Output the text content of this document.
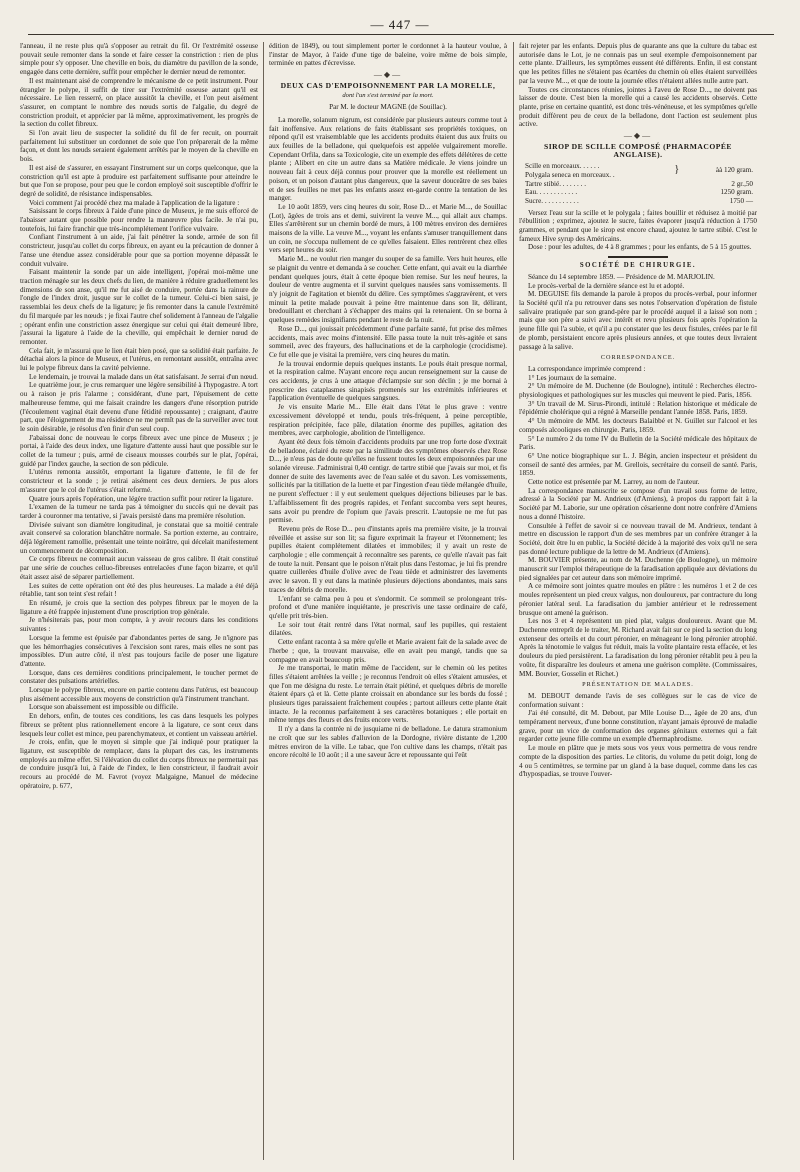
— 447 —

l'anneau, il ne reste plus qu'à s'opposer au retrait du fil. Or l'extrémité osseuse pouvait seule remonter dans la sonde et faire cesser la constriction : rien de plus simple pour s'y opposer. Une cheville en bois, du diamètre du pavillon de la sonde, engagée dans cette dernière, suffit pour empêcher le dernier nœud de remonter.

Il est maintenant aisé de comprendre le mécanisme de ce petit instrument. Pour étrangler le polype, il suffit de tirer sur l'extrémité osseuse autant qu'il est nécessaire. Le lien resserré, on place aussitôt la cheville, et l'on peut aisément s'assurer, en comptant le nombre des nœuds sortis de l'algalie, du degré de constriction produit, et apprécier par là même, approximativement, les progrès de la section du collet fibreux.

Si l'on avait lieu de suspecter la solidité du fil de fer recuit, on pourrait parfaitement lui substituer un cordonnet de soie que l'on préparerait de la même façon, et dont les nœuds seraient également arrêtés par le moyen de la cheville en bois.

Il est aisé de s'assurer, en essayant l'instrument sur un corps quelconque, que la constriction qu'il est apte à produire est parfaitement suffisante pour atteindre le but que l'on se propose, pour peu que le cordon employé soit susceptible d'offrir le degré de solidité, de résistance indispensables.

Voici comment j'ai procédé chez ma malade à l'application de la ligature :

Saisissant le corps fibreux à l'aide d'une pince de Museux, je me suis efforcé de l'abaisser autant que possible pour rendre la manœuvre plus facile. Je n'ai pu, toutefois, lui faire franchir que très-incomplétement l'orifice vulvaire.

Confiant l'instrument à un aide, j'ai fait pénétrer la sonde, armée de son fil constricteur, jusqu'au collet du corps fibreux, en ayant eu la précaution de donner à l'anse une étendue assez considérable pour que sa portion moyenne dépassât le conduit vulvaire.

Faisant maintenir la sonde par un aide intelligent, j'opérai moi-même une traction ménagée sur les deux chefs du lien, de manière à réduire graduellement les dimensions de son anse, qu'il me fut aisé de conduire, portée dans la rainure de l'ongle de l'index droit, jusque sur le collet de la tumeur. Celui-ci bien saisi, je rassemblai les deux chefs de la ligature; je fis remonter dans la canule l'extrémité du fil marquée par les nœuds ; je fixai l'autre chef solidement à l'anneau de l'algalie ; opérant enfin une constriction assez énergique sur celui qui était demeuré libre, j'assurai la ligature à l'aide de la cheville, qui empêchait le dernier nœud de remonter.

Cela fait, je m'assurai que le lien était bien posé, que sa solidité était parfaite. Je détachai alors la pince de Museux, et l'utérus, en remontant aussitôt, entraîna avec lui le polype fibreux dans la cavité pelvienne.

Le lendemain, je trouvai la malade dans un état satisfaisant. Je serrai d'un nœud.

Le quatrième jour, je crus remarquer une légère sensibilité à l'hypogastre. A tort ou à raison je pris l'alarme ; considérant, d'une part, l'épuisement de cette malheureuse femme, qui me faisait craindre les dangers d'une résorption putride (l'écoulement vaginal était devenu d'une fétidité repoussante) ; craignant, d'autre part, que l'éloignement de ma résidence ne me permît pas de la surveiller avec tout le soin désirable, je résolus d'en finir d'un seul coup.

J'abaissai donc de nouveau le corps fibreux avec une pince de Museux ; je portai, à l'aide des deux index, une ligature d'attente aussi haut que possible sur le collet de la tumeur ; puis, armé de ciseaux mousses courbés sur le plat, j'opérai, guidé par l'index gauche, la section de son pédicule.

L'utérus remonta aussitôt, emportant la ligature d'attente, le fil de fer constricteur et la sonde ; je retirai aisément ces deux derniers. Je pus alors m'assurer que le col de l'utérus s'était reformé.

Quatre jours après l'opération, une légère traction suffit pour retirer la ligature.

L'examen de la tumeur ne tarda pas à témoigner du succès qui ne devait pas tarder à couronner ma tentative, si j'avais persisté dans ma première résolution.

Divisée suivant son diamètre longitudinal, je constatai que sa moitié centrale avait conservé sa coloration blanchâtre normale. Sa portion externe, au contraire, déjà légèrement ramollie, présentait une teinte noirâtre, qui décelait manifestement un commencement de décomposition.

Ce corps fibreux ne contenait aucun vaisseau de gros calibre. Il était constitué par une série de couches celluo-fibreuses entrelacées d'une façon bizarre, et qu'il était assez aisé de séparer partiellement.

Les suites de cette opération ont été des plus heureuses. La malade a été déjà rétablie, tant son teint s'est refait !

En résumé, je crois que la section des polypes fibreux par le moyen de la ligature a été frappée injustement d'une proscription trop générale.

Je n'hésiterais pas, pour mon compte, à y avoir recours dans les conditions suivantes :

Lorsque la femme est épuisée par d'abondantes pertes de sang. Je n'ignore pas que les hémorrhagies consécutives à l'excision sont rares, mais elles ne sont pas impossibles. D'un autre côté, il n'est pas toujours facile de poser une ligature d'attente.

Lorsque, dans ces dernières conditions principalement, le toucher permet de constater des pulsations artérielles.

Lorsque le polype fibreux, encore en partie contenu dans l'utérus, est beaucoup plus aisément accessible aux moyens de constriction qu'à l'instrument tranchant.

Lorsque son abaissement est impossible ou difficile.

En dehors, enfin, de toutes ces conditions, les cas dans lesquels les polypes fibreux se prêtent plus rationnellement encore à la ligature, ce sont ceux dans lesquels leur collet est mince, peu parenchymateux, et contient un vaisseau artériel.

Je crois, enfin, que le moyen si simple que j'ai indiqué pour pratiquer la ligature, est susceptible de remplacer, dans la plupart des cas, les instruments employés au même effet. Si l'élévation du collet du corps fibreux ne permettait pas de conduire jusqu'à lui, à l'aide de l'index, le lien constricteur, il faudrait avoir recours au procédé de M. Favrot (voyez Malgaigne, Manuel de médecine opératoire, p. 677,

édition de 1849), ou tout simplement porter le cordonnet à la hauteur voulue, à l'instar de Mayor, à l'aide d'une tige de baleine, voire même de bois simple, terminée en pattes d'écrevisse.

—◆—
DEUX CAS D'EMPOISONNEMENT PAR LA MORELLE,
dont l'un s'est terminé par la mort.
Par M. le docteur MAGNE (de Souillac).

La morelle, solanum nigrum, est considérée par plusieurs auteurs comme tout à fait inoffensive. Aux relations de faits établissant ses propriétés toxiques, on répond qu'il est vraisemblable que les accidents produits étaient dus aux fruits ou aux feuilles de la belladone, qui quelquefois est appelée vulgairement morelle. Cependant Orfila, dans sa Toxicologie, cite un exemple des effets délétères de cette plante ; Alibert en cite un autre dans sa Matière médicale. Je viens joindre un nouveau fait à ceux déjà connus pour prouver que la morelle est réellement un poison, et un poison d'autant plus dangereux, que la saveur douceâtre de ses baies et de ses feuilles ne met pas les enfants assez en-garde contre la tentation de les manger.

Le 10 août 1859, vers cinq heures du soir, Rose D... et Marie M..., de Souillac (Lot), âgées de trois ans et demi, suivirent la veuve M..., qui allait aux champs. Elles s'arrêtèrent sur un chemin bordé de murs, à 100 mètres environ des dernières maisons de la ville. La veuve M..., voyant les enfants s'amuser tranquillement dans un coin, ne s'occupa nullement de ce qu'elles faisaient. Elles rentrèrent chez elles vers sept heures du soir.

Marie M... ne voulut rien manger du souper de sa famille. Vers huit heures, elle se plaignit du ventre et demanda à se coucher. Cette enfant, qui avait eu la diarrhée pendant quelques jours, était à cette époque bien remise. Sur les neuf heures, la douleur de ventre augmenta et il survint quelques nausées sans vomissements. Il n'y joignit de l'agitation et bientôt du délire. Ces symptômes s'aggravèrent, et vers minuit la petite malade pouvait à peine être maintenue dans son lit, délirant, bredouillant et cherchant à s'échapper des mains qui la retenaient. On se borna à quelques remèdes insignifiants pendant le reste de la nuit.

Rose D..., qui jouissait précédemment d'une parfaite santé, fut prise des mêmes accidents, mais avec moins d'intensité. Elle passa toute la nuit très-agitée et sans sommeil, avec des frayeurs, des hallucinations et de la carphologie (crocidisme). Ce fut elle que je visitai la première, vers cinq heures du matin.

Je la trouvai endormie depuis quelques instants. Le pouls était presque normal, et la respiration calme. N'ayant encore reçu aucun renseignement sur la cause de ces accidents, je crus à une attaque d'éclampsie sur son déclin ; je me bornai à prescrire des cataplasmes sinapisés promenés sur les extrémités inférieures et l'application éventuelle de quelques sangsues.

Je vis ensuite Marie M... Elle était dans l'état le plus grave : ventre excessivement développé et tendu, pouls très-fréquent, à peine perceptible, respiration précipitée, face pâle, dilatation énorme des pupilles, agitation des membres, avec carphologie, abolition de l'intelligence.

Ayant été deux fois témoin d'accidents produits par une trop forte dose d'extrait de belladone, éclairé du reste par la similitude des symptômes observés chez Rose D..., je n'eus pas de doute qu'elles ne fussent toutes les deux empoisonnées par une solanée vireuse. J'administrai 0,40 centigr. de tartre stibié que j'avais sur moi, et fis donner de suite des lavements avec de l'eau salée et du savon. Les vomissements, sollicités par la titillation de la luette et par l'ingestion d'eau tiède mélangée d'huile, ne purent s'effectuer : il y eut seulement quelques déjections bilieuses par le bas. L'affaiblissement fit des progrès rapides, et l'enfant succomba vers sept heures, sans avoir pu prendre de l'opium que j'avais prescrit. L'autopsie ne me fut pas permise.

Revenu près de Rose D... peu d'instants après ma première visite, je la trouvai réveillée et assise sur son lit; sa figure exprimait la frayeur et l'étonnement; les pupilles étaient complétement dilatées et immobiles; il y avait un reste de carphologie ; elle commençait à reconnaître ses parents, ce qu'elle n'avait pas fait de toute la nuit. Pensant que le poison n'était plus dans l'estomac, je lui fis prendre quatre cuillerées d'huile d'olive avec de l'eau tiède et administrer des lavements avec le savon. Il y eut dans la matinée plusieurs déjections abondantes, mais sans traces de débris de morelle.

L'enfant se calma peu à peu et s'endormit. Ce sommeil se prolongeant très-profond et d'une manière inquiétante, je prescrivis une tasse ordinaire de café, qu'elle prit très-bien.

Le soir tout était rentré dans l'état normal, sauf les pupilles, qui restaient dilatées.

Cette enfant raconta à sa mère qu'elle et Marie avaient fait de la salade avec de l'herbe ; que, la trouvant mauvaise, elle en avait peu mangé, tandis que sa compagne en avait beaucoup pris.

Je me transportai, le matin même de l'accident, sur le chemin où les petites filles s'étaient arrêtées la veille ; je reconnus l'endroit où elles s'étaient amusées, et que l'on me désigna du reste. Le terrain était piétiné, et quelques débris de morelle étaient épars çà et là. Cette plante croissait en abondance sur les bords du fossé ; plusieurs tiges paraissaient fraîchement coupées ; partout ailleurs cette plante était intacte. Je la reconnus parfaitement à ses caractères botaniques ; elle portait en même temps des fleurs et des fruits encore verts.

Il n'y a dans la contrée ni de jusquiame ni de belladone. Le datura stramonium ne croît que sur les sables d'alluvion de la Dordogne, rivière distante de 1,200 mètres environ de la ville. Le tabac, que l'on cultive dans les champs, n'était pas encore récolté le 10 août ; il a une saveur âcre et repoussante qui l'eût

fait rejeter par les enfants. Depuis plus de quarante ans que la culture du tabac est autorisée dans le Lot, je ne connais pas un seul exemple d'empoisonnement par cette plante. D'ailleurs, les symptômes eussent été différents. Enfin, il est constant que les petites filles ne s'étaient pas écartées du chemin où elles étaient surveillées par la veuve M..., et que de toute la journée elles n'étaient allées nulle autre part.

Toutes ces circonstances réunies, jointes à l'aveu de Rose D..., ne doivent pas laisser de doute. C'est bien la morelle qui a causé les accidents observés. Cette plante, prise en certaine quantité, est donc très-vénéneuse, et les symptômes qu'elle produit diffèrent peu de ceux de la belladone, dont l'action est seulement plus active.

—◆—
SIROP DE SCILLE COMPOSÉ (PHARMACOPÉE ANGLAISE).
Scille en morceaux. . . . . .	}	àà 120 gram.
Polygala seneca en morceaux. .		
Tartre stibié. . . . . . . .		2 gr.,50
Eau. . . . . . . . . . . .		1250 gram.
Sucre. . . . . . . . . . .		1750 —

Versez l'eau sur la scille et le polygala ; faites bouillir et réduisez à moitié par l'ébullition ; exprimez, ajoutez le sucre, faites évaporer jusqu'à réduction à 1750 grammes, et pendant que le sirop est encore chaud, ajoutez le tartre stibié. C'est le fameux Hive syrup des Américains.

Dose : pour les adultes, de 4 à 8 grammes ; pour les enfants, de 5 à 15 gouttes.

SOCIÉTÉ DE CHIRURGIE.

Séance du 14 septembre 1859. — Présidence de M. MARJOLIN.

Le procès-verbal de la dernière séance est lu et adopté.

M. DEGUISE fils demande la parole à propos du procès-verbal, pour informer la Société qu'il n'a pu retrouver dans ses notes l'observation d'opération de fistule salivaire pratiquée par son grand-père par le procédé auquel il a laissé son nom ; mais que son père a suivi avec intérêt et revu plusieurs fois après l'opération la jeune fille qui l'a subie, et qu'il a pu constater que les deux fistules, créées par le fil de plomb, persistaient encore après plusieurs années, et que toutes deux livraient passage à la salive.

CORRESPONDANCE.

La correspondance imprimée comprend :

1° Les journaux de la semaine.

2° Un mémoire de M. Duchenne (de Boulogne), intitulé : Recherches électro-physiologiques et pathologiques sur les muscles qui meuvent le pied. Paris, 1856.

3° Un travail de M. Sirus-Pirondi, intitulé : Relation historique et médicale de l'épidémie cholérique qui a régné à Marseille pendant l'année 1858. Paris, 1859.

4° Un mémoire de MM. les docteurs Balaibbé et N. Guillet sur l'alcool et les composés alcooliques en chirurgie. Paris, 1859.

5° Le numéro 2 du tome IV du Bulletin de la Société médicale des hôpitaux de Paris.

6° Une notice biographique sur L. J. Bégin, ancien inspecteur et président du conseil de santé des armées, par M. Grellois, secrétaire du conseil de santé. Paris, 1859.

Cette notice est présentée par M. Larrey, au nom de l'auteur.

La correspondance manuscrite se compose d'un travail sous forme de lettre, adressé à la Société par M. Andrieux (d'Amiens), à propos du rapport fait à la Société par M. Laborie, sur une opération césarienne dont notre confrère d'Amiens nous a donné l'histoire.

Consultée à l'effet de savoir si ce nouveau travail de M. Andrieux, tendant à mettre en discussion le rapport d'un de ses membres par un confrère étranger à la Société, doit être lu en public, la Société décide à la majorité des voix qu'il ne sera pas donné lecture publique de la lettre de M. Andrieux (d'Amiens).

M. BOUVIER présente, au nom de M. Duchenne (de Boulogne), un mémoire manuscrit sur l'emploi thérapeutique de la faradisation appliquée aux déviations du pied signalées par cet auteur dans son mémoire imprimé.

A ce mémoire sont jointes quatre moules en plâtre : les numéros 1 et 2 de ces moules représentent un pied creux valgus, non douloureux, par contracture du long péronier latéral seul. La faradisation du jambier antérieur et le redressement brusque ont amené la guérison.

Les nos 3 et 4 représentent un pied plat, valgus douloureux. Avant que M. Duchenne entreprît de le traiter, M. Richard avait fait sur ce pied la section du long extenseur des orteils et du court péronier, en ménageant le long péronier atrophié. Après la ténotomie le valgus fut réduit, mais la voûte plantaire resta effacée, et les douleurs du pied persistèrent. La faradisation du long péronier rétablit peu à peu la voûte, fit disparaître les douleurs et amena une guérison complète. (Commissaires, MM. Bouvier, Gosselin et Richet.)

PRÉSENTATION DE MALADES.

M. DEBOUT demande l'avis de ses collègues sur le cas de vice de conformation suivant :

J'ai été consulté, dit M. Debout, par Mlle Louise D..., âgée de 20 ans, d'un tempérament nerveux, d'une bonne constitution, n'ayant jamais éprouvé de maladie grave, pour un vice de conformation des organes génitaux externes qui a fait regarder cette jeune fille comme un exemple d'hermaphrodisme.

Le moule en plâtre que je mets sous vos yeux vous permettra de vous rendre compte de la disposition des parties. Le clitoris, du volume du petit doigt, long de 4 ou 5 centimètres, se termine par un gland à la base duquel, comme dans les cas d'hypospadias, se trouve l'ouver-
